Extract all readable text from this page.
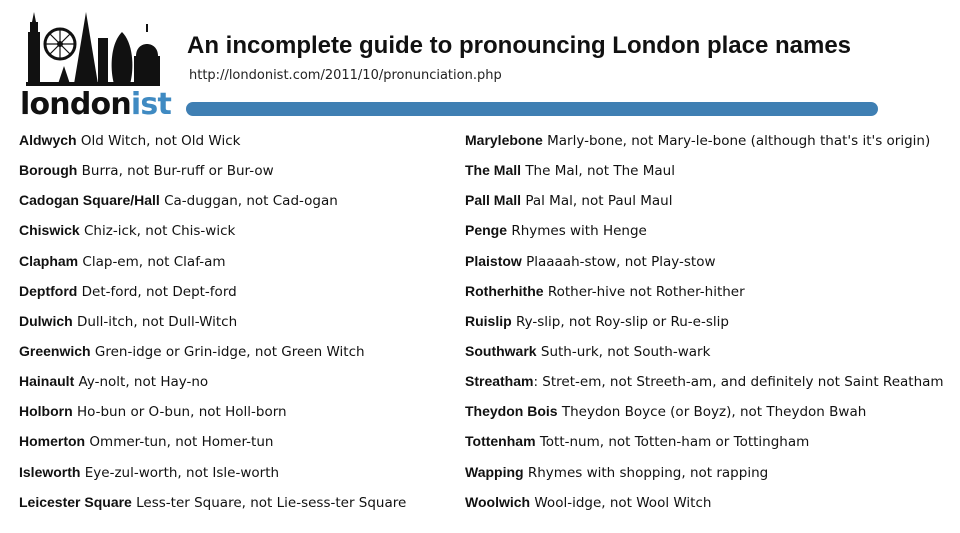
londonist
An incomplete guide to pronouncing London place names
http://londonist.com/2011/10/pronunciation.php
Aldwych Old Witch, not Old Wick
Borough Burra, not Bur-ruff or Bur-ow
Cadogan Square/Hall Ca-duggan, not Cad-ogan
Chiswick Chiz-ick, not Chis-wick
Clapham Clap-em, not Claf-am
Deptford Det-ford, not Dept-ford
Dulwich Dull-itch, not Dull-Witch
Greenwich Gren-idge or Grin-idge, not Green Witch
Hainault Ay-nolt, not Hay-no
Holborn Ho-bun or O-bun, not Holl-born
Homerton Ommer-tun, not Homer-tun
Isleworth Eye-zul-worth, not Isle-worth
Leicester Square Less-ter Square, not Lie-sess-ter Square
Marylebone Marly-bone, not Mary-le-bone (although that's it's origin)
The Mall The Mal, not The Maul
Pall Mall Pal Mal, not Paul Maul
Penge Rhymes with Henge
Plaistow Plaaaah-stow, not Play-stow
Rotherhithe Rother-hive not Rother-hither
Ruislip Ry-slip, not Roy-slip or Ru-e-slip
Southwark Suth-urk, not South-wark
Streatham: Stret-em, not Streeth-am, and definitely not Saint Reatham
Theydon Bois Theydon Boyce (or Boyz), not Theydon Bwah
Tottenham Tott-num, not Totten-ham or Tottingham
Wapping Rhymes with shopping, not rapping
Woolwich Wool-idge, not Wool Witch
